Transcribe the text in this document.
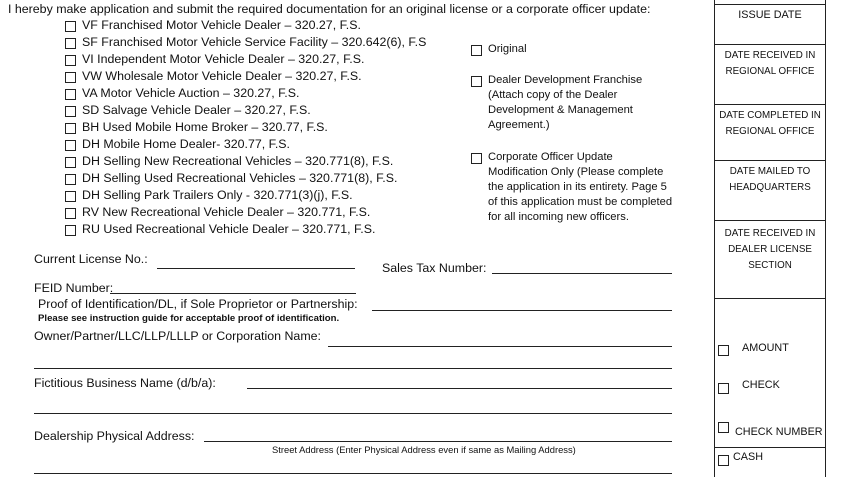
I hereby make application and submit the required documentation for an original license or a corporate officer update:
VF Franchised Motor Vehicle Dealer – 320.27, F.S.
SF Franchised Motor Vehicle Service Facility – 320.642(6), F.S
VI Independent Motor Vehicle Dealer – 320.27, F.S.
VW Wholesale Motor Vehicle Dealer – 320.27, F.S.
VA Motor Vehicle Auction – 320.27, F.S.
SD Salvage Vehicle Dealer – 320.27, F.S.
BH Used Mobile Home Broker – 320.77, F.S.
DH Mobile Home Dealer- 320.77, F.S.
DH Selling New Recreational Vehicles – 320.771(8), F.S.
DH Selling Used Recreational Vehicles – 320.771(8), F.S.
DH Selling Park Trailers Only - 320.771(3)(j), F.S.
RV New Recreational Vehicle Dealer – 320.771, F.S.
RU Used Recreational Vehicle Dealer – 320.771, F.S.
Original
Dealer Development Franchise
(Attach copy of the Dealer
Development & Management
Agreement.)
Corporate Officer Update
Modification Only (Please complete
the application in its entirety. Page 5
of this application must be completed
for all incoming new officers.
Current License No.:
Sales Tax Number:
FEID Number:
Proof of Identification/DL, if Sole Proprietor or Partnership:
Please see instruction guide for acceptable proof of identification.
Owner/Partner/LLC/LLP/LLLP or Corporation Name:
Fictitious Business Name (d/b/a):
Dealership Physical Address:
Street Address (Enter Physical Address even if same as Mailing Address)
ISSUE DATE
DATE RECEIVED IN
REGIONAL OFFICE
DATE COMPLETED IN
REGIONAL OFFICE
DATE MAILED TO
HEADQUARTERS
DATE RECEIVED IN
DEALER LICENSE
SECTION
AMOUNT
CHECK
CHECK NUMBER
CASH
